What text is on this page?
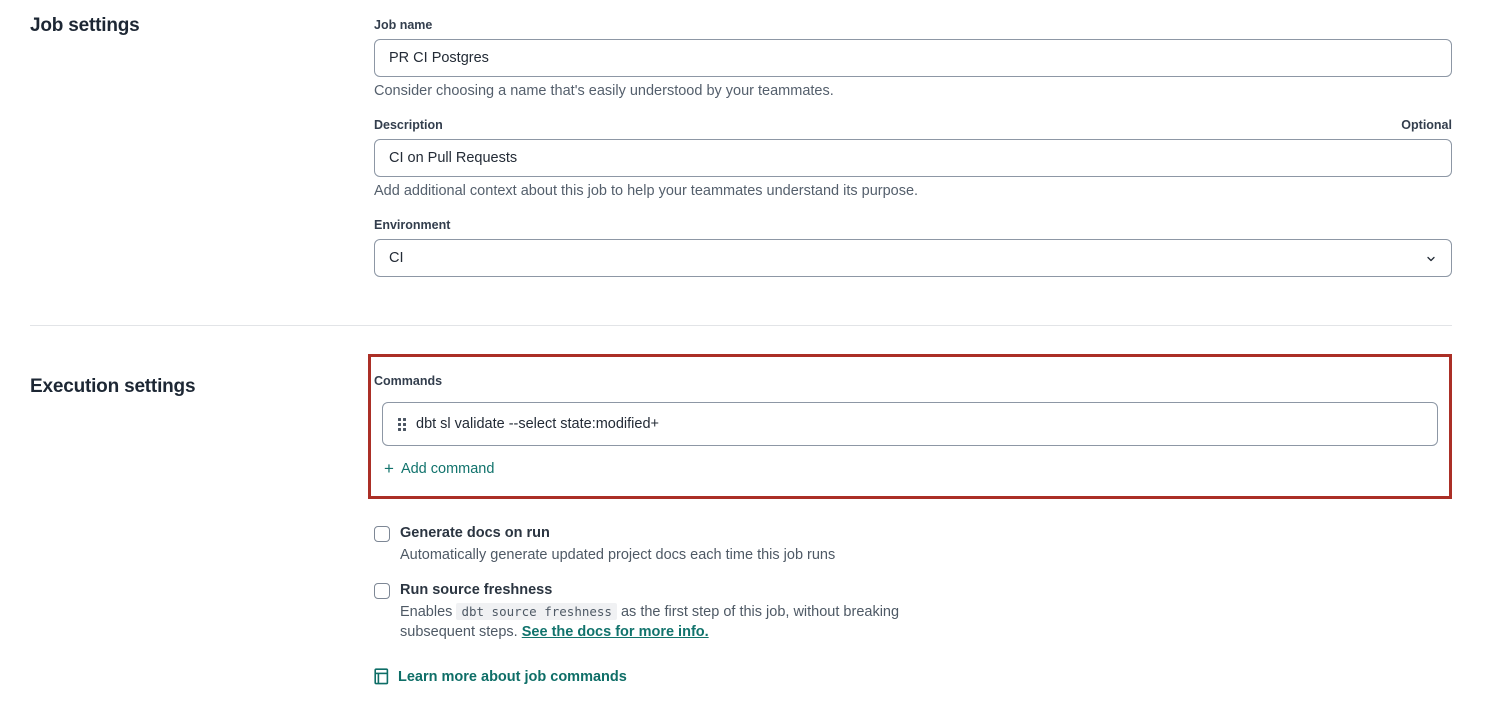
Job settings	Job name
PR CI Postgres

Consider choosing a name that's easily understood by your teammates.

Description	Optional
CI on Pull Requests

Add additional context about this job to help your teammates understand its purpose.

Environment
CI
Execution settings	Commands
dbt sl validate --select state:modified+
+ Add command
Generate docs on run
Automatically generate updated project docs each time this job runs
Run source freshness
Enables dbt source freshness as the first step of this job, without breaking subsequent steps. See the docs for more info.
Learn more about job commands
